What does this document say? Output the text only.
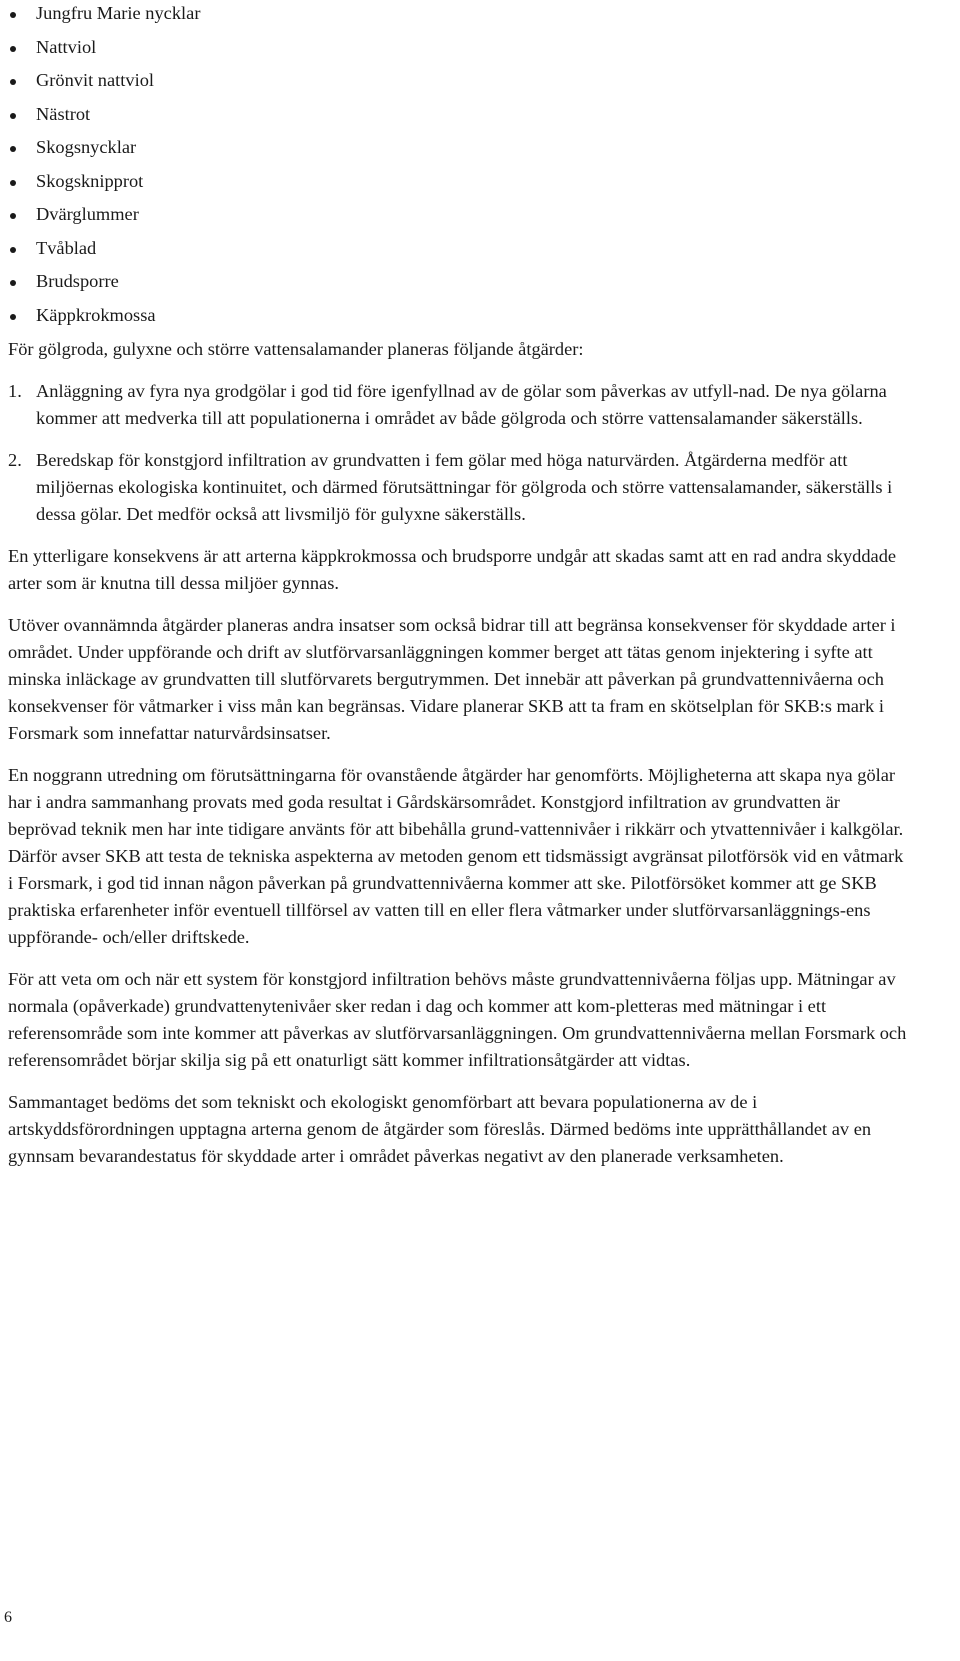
Jungfru Marie nycklar
Nattviol
Grönvit nattviol
Nästrot
Skogsnycklar
Skogsknipprot
Dvärglummer
Tvåblad
Brudsporre
Käppkrokmossa

För gölgroda, gulyxne och större vattensalamander planeras följande åtgärder:

1. Anläggning av fyra nya grodgölar i god tid före igenfyllnad av de gölar som påverkas av utfyll-nad. De nya gölarna kommer att medverka till att populationerna i området av både gölgroda och större vattensalamander säkerställs.
2. Beredskap för konstgjord infiltration av grundvatten i fem gölar med höga naturvärden. Åtgärderna medför att miljöernas ekologiska kontinuitet, och därmed förutsättningar för gölgroda och större vattensalamander, säkerställs i dessa gölar. Det medför också att livsmiljö för gulyxne säkerställs.

En ytterligare konsekvens är att arterna käppkrokmossa och brudsporre undgår att skadas samt att en rad andra skyddade arter som är knutna till dessa miljöer gynnas.

Utöver ovannämnda åtgärder planeras andra insatser som också bidrar till att begränsa konsekvenser för skyddade arter i området. Under uppförande och drift av slutförvarsanläggningen kommer berget att tätas genom injektering i syfte att minska inläckage av grundvatten till slutförvarets bergutrymmen. Det innebär att påverkan på grundvattennivåerna och konsekvenser för våtmarker i viss mån kan begränsas. Vidare planerar SKB att ta fram en skötselplan för SKB:s mark i Forsmark som innefattar naturvårdsinsatser.

En noggrann utredning om förutsättningarna för ovanstående åtgärder har genomförts. Möjligheterna att skapa nya gölar har i andra sammanhang provats med goda resultat i Gårdskärsområdet. Konstgjord infiltration av grundvatten är beprövad teknik men har inte tidigare använts för att bibehålla grund-vattennivåer i rikkärr och ytvattennivåer i kalkgölar. Därför avser SKB att testa de tekniska aspekterna av metoden genom ett tidsmässigt avgränsat pilotförsök vid en våtmark i Forsmark, i god tid innan någon påverkan på grundvattennivåerna kommer att ske. Pilotförsöket kommer att ge SKB praktiska erfarenheter inför eventuell tillförsel av vatten till en eller flera våtmarker under slutförvarsanläggnings-ens uppförande- och/eller driftskede.

För att veta om och när ett system för konstgjord infiltration behövs måste grundvattennivåerna följas upp. Mätningar av normala (opåverkade) grundvattenytenivåer sker redan i dag och kommer att kom-pletteras med mätningar i ett referensområde som inte kommer att påverkas av slutförvarsanläggningen. Om grundvattennivåerna mellan Forsmark och referensområdet börjar skilja sig på ett onaturligt sätt kommer infiltrationsåtgärder att vidtas.

Sammantaget bedöms det som tekniskt och ekologiskt genomförbart att bevara populationerna av de i artskyddsförordningen upptagna arterna genom de åtgärder som föreslås. Därmed bedöms inte upprätthållandet av en gynnsam bevarandestatus för skyddade arter i området påverkas negativt av den planerade verksamheten.

6
